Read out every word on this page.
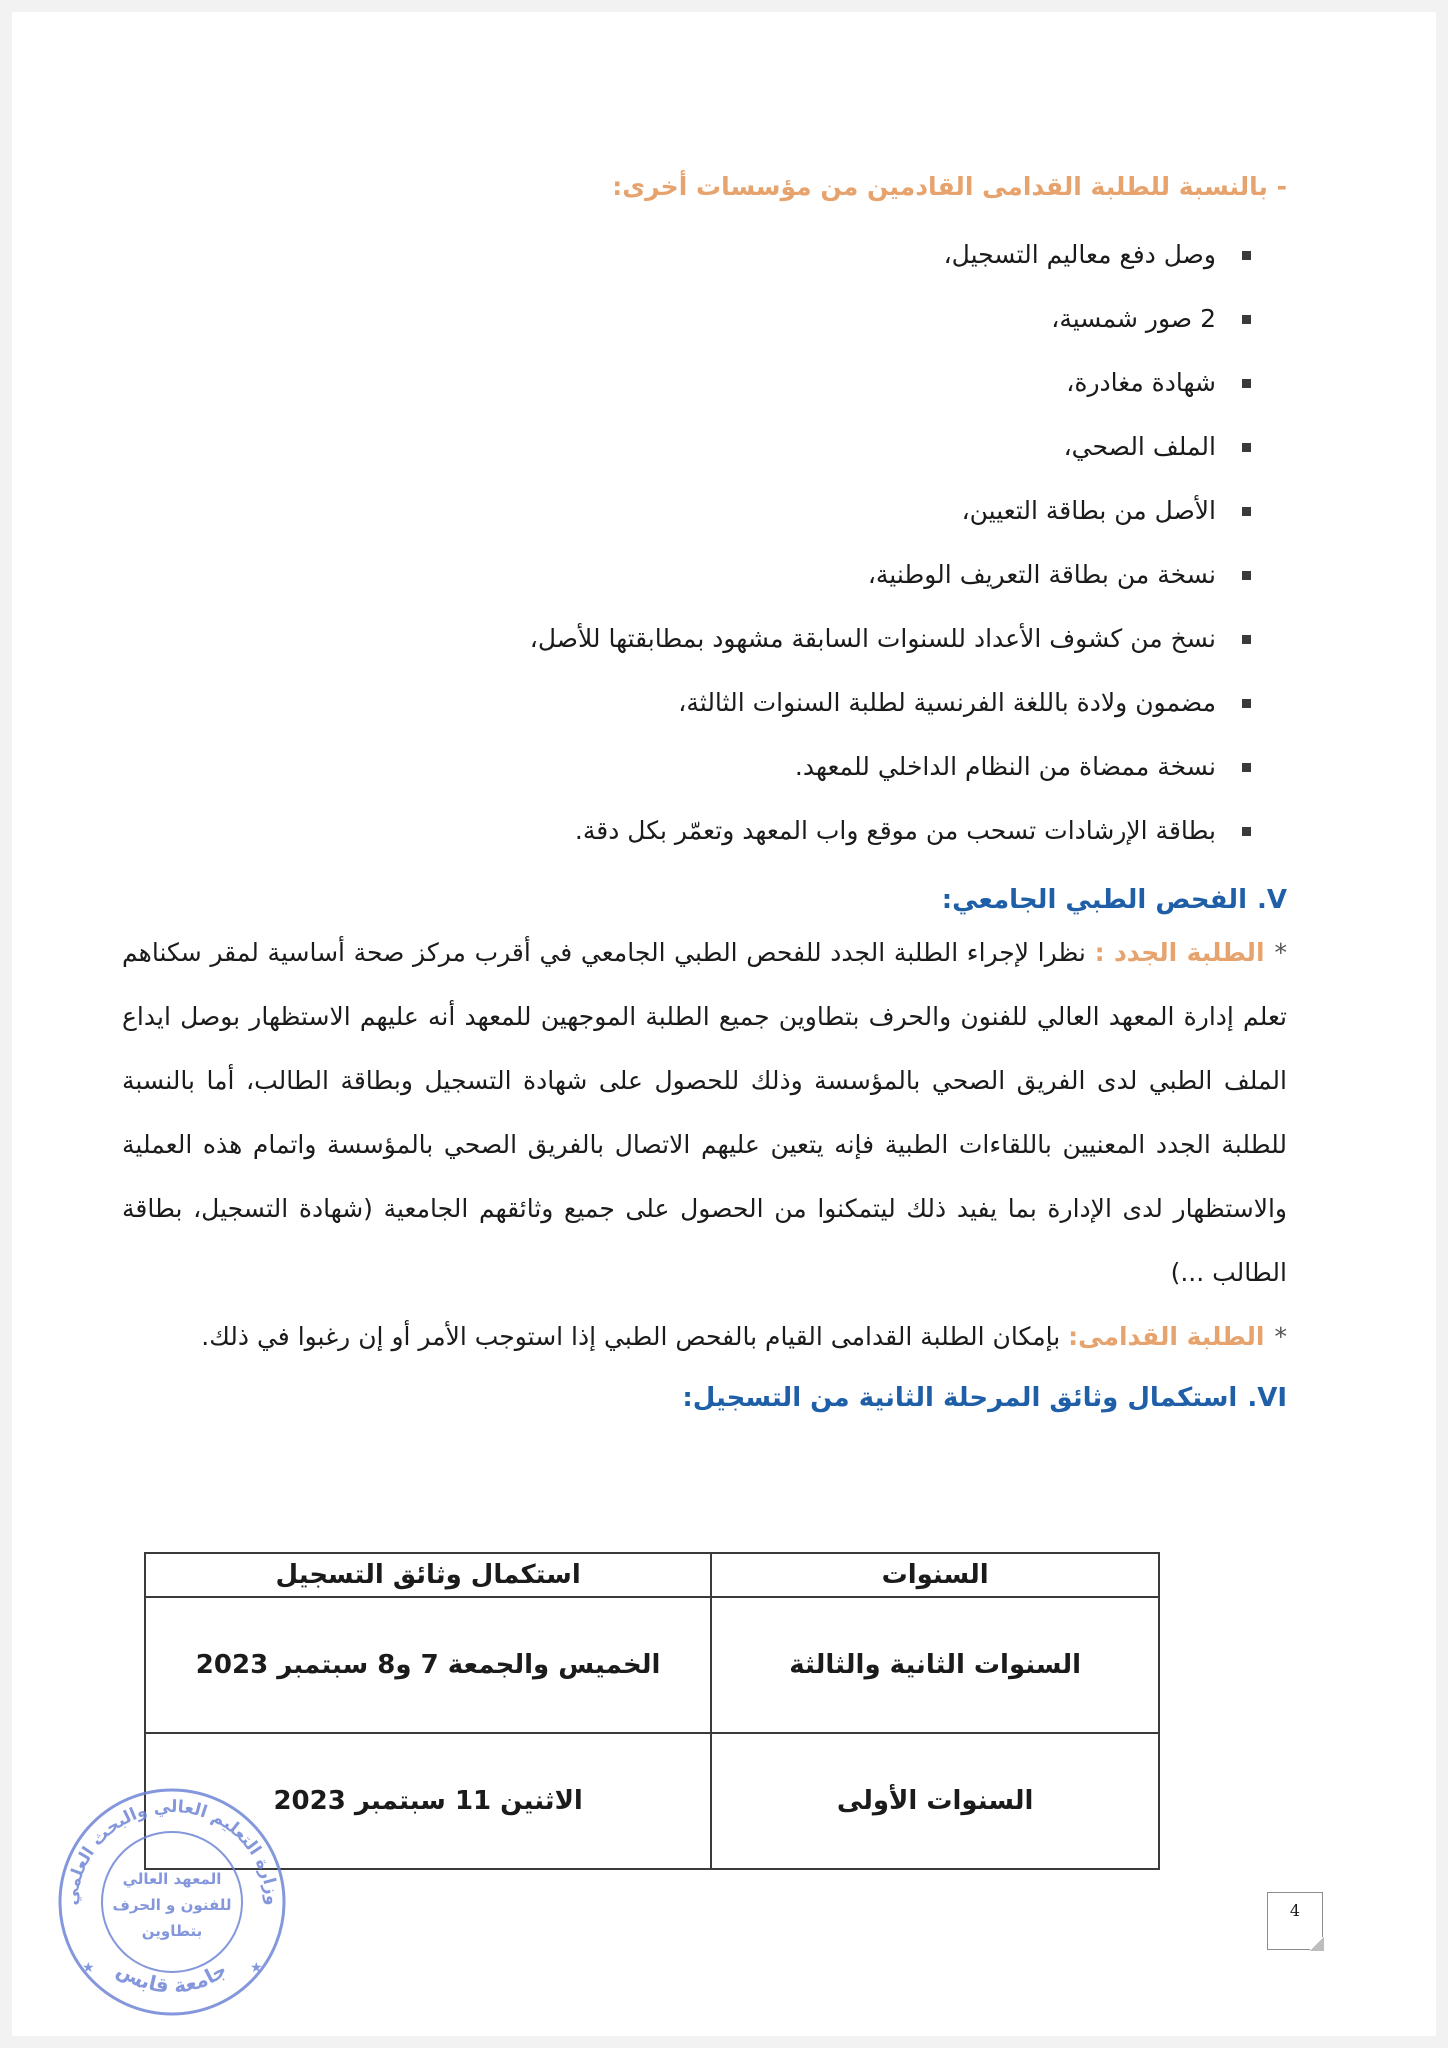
- بالنسبة للطلبة القدامى القادمين من مؤسسات أخرى:
وصل دفع معاليم التسجيل،
2 صور شمسية،
شهادة مغادرة،
الملف الصحي،
الأصل من بطاقة التعيين،
نسخة من بطاقة التعريف الوطنية،
نسخ من كشوف الأعداد للسنوات السابقة مشهود بمطابقتها للأصل،
مضمون ولادة باللغة الفرنسية لطلبة السنوات الثالثة،
نسخة ممضاة من النظام الداخلي للمعهد.
بطاقة الإرشادات تسحب من موقع واب المعهد وتعمّر بكل دقة.
V.الفحص الطبي الجامعي:

*الطلبة الجدد : نظرا لإجراء الطلبة الجدد للفحص الطبي الجامعي في أقرب مركز صحة أساسية لمقر سكناهم تعلم إدارة المعهد العالي للفنون والحرف بتطاوين جميع الطلبة الموجهين للمعهد أنه عليهم الاستظهار بوصل ايداع الملف الطبي لدى الفريق الصحي بالمؤسسة وذلك للحصول على شهادة التسجيل وبطاقة الطالب، أما بالنسبة للطلبة الجدد المعنيين باللقاءات الطبية فإنه يتعين عليهم الاتصال بالفريق الصحي بالمؤسسة واتمام هذه العملية والاستظهار لدى الإدارة بما يفيد ذلك ليتمكنوا من الحصول على جميع وثائقهم الجامعية (شهادة التسجيل، بطاقة الطالب ...)

*الطلبة القدامى: بإمكان الطلبة القدامى القيام بالفحص الطبي إذا استوجب الأمر أو إن رغبوا في ذلك.

VI.استكمال وثائق المرحلة الثانية من التسجيل:
السنوات	استكمال وثائق التسجيل
السنوات الثانية والثالثة	الخميس والجمعة 7 و8 سبتمبر 2023
السنوات الأولى	الاثنين 11 سبتمبر 2023
وزارة التعليم العالي والبحث العلمي
جامعة قابس
المعهد العالي
للفنون و الحرف
بتطاوين
★	★
4
